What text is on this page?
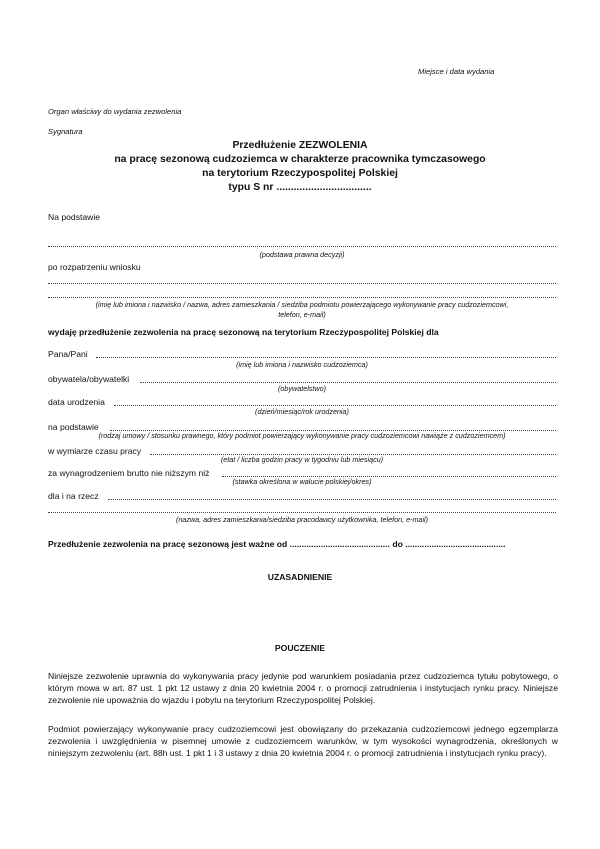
Miejsce i data wydania
Organ właściwy do wydania zezwolenia
Sygnatura
Przedłużenie ZEZWOLENIA
na pracę sezonową cudzoziemca w charakterze pracownika tymczasowego
na terytorium Rzeczypospolitej Polskiej
typu S nr .................................
Na podstawie
(podstawa prawna decyzji)
po rozpatrzeniu wniosku
(imię lub imiona i nazwisko / nazwa, adres zamieszkania / siedziba podmiotu powierzającego wykonywanie pracy cudzoziemcowi,
telefon, e-mail)
wydaję przedłużenie zezwolenia na pracę sezonową na terytorium Rzeczypospolitej Polskiej dla
Pana/Pani
(imię lub imiona i nazwisko cudzoziemca)
obywatela/obywatelki
(obywatelstwo)
data urodzenia
(dzień/miesiąc/rok urodzenia)
na podstawie
(rodzaj umowy / stosunku prawnego, który podmiot powierzający wykonywanie pracy cudzoziemcowi nawiąże z cudzoziemcem)
w wymiarze czasu pracy
(etat / liczba godzin pracy w tygodniu lub miesiącu)
za wynagrodzeniem brutto nie niższym niż
(stawka określona w walucie polskiej/okres)
dla i na rzecz
(nazwa, adres zamieszkania/siedziba pracodawcy użytkownika, telefon, e-mail)
Przedłużenie zezwolenia na pracę sezonową jest ważne od .......................................... do ..........................................
UZASADNIENIE
POUCZENIE
Niniejsze zezwolenie uprawnia do wykonywania pracy jedynie pod warunkiem posiadania przez cudzoziemca tytułu pobytowego, o którym mowa w art. 87 ust. 1 pkt 12 ustawy z dnia 20 kwietnia 2004 r. o promocji zatrudnienia i instytucjach rynku pracy. Niniejsze zezwolenie nie upoważnia do wjazdu i pobytu na terytorium Rzeczypospolitej Polskiej.
Podmiot powierzający wykonywanie pracy cudzoziemcowi jest obowiązany do przekazania cudzoziemcowi jednego egzemplarza zezwolenia i uwzględnienia w pisemnej umowie z cudzoziemcem warunków, w tym wysokości wynagrodzenia, określonych w niniejszym zezwoleniu (art. 88h ust. 1 pkt 1 i 3 ustawy z dnia 20 kwietnia 2004 r. o promocji zatrudnienia i instytucjach rynku pracy).
